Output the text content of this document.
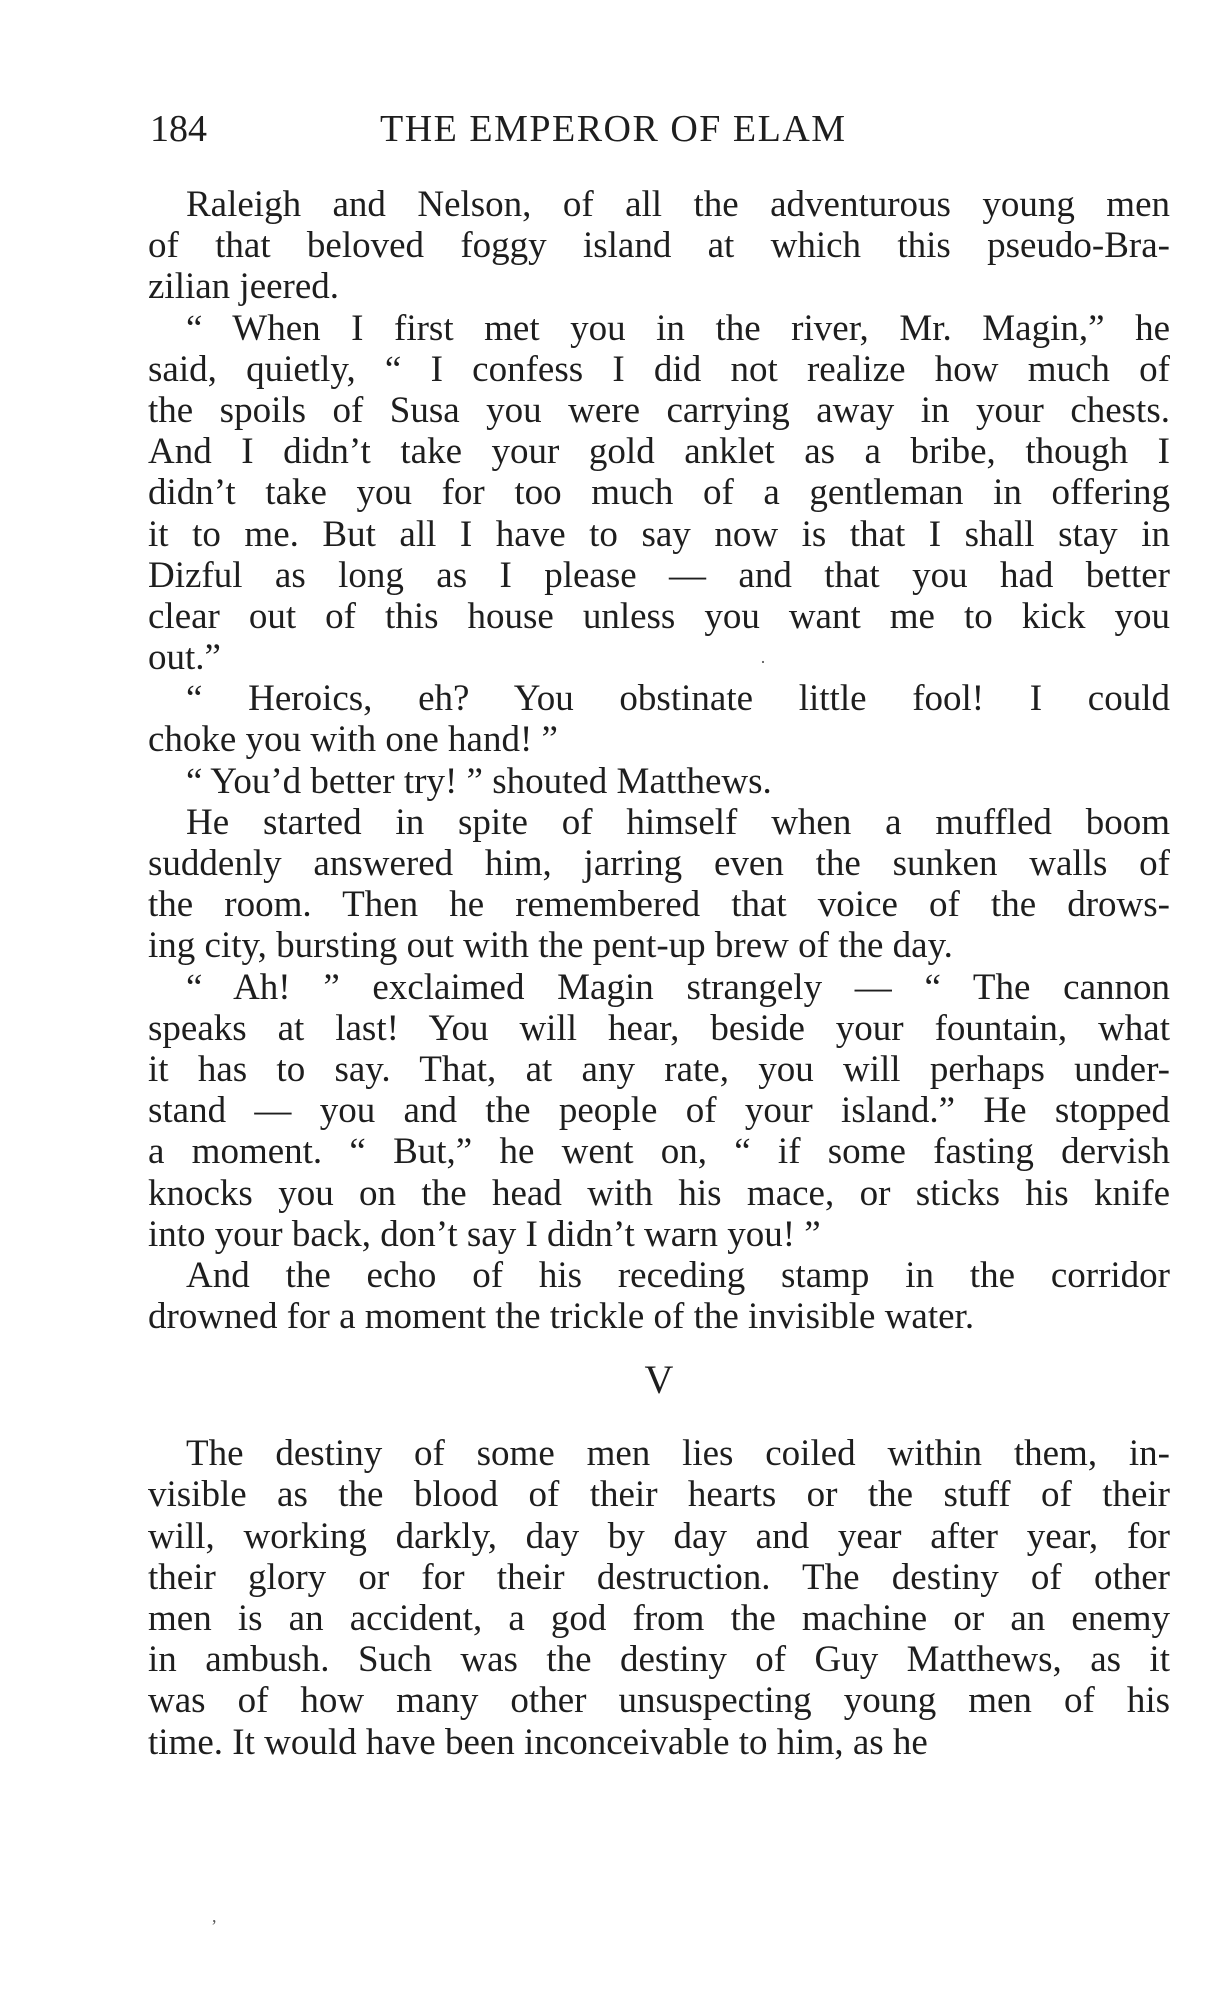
184	THE EMPEROR OF ELAM
Raleigh and Nelson, of all the adventurous young men
of that beloved foggy island at which this pseudo-Bra-
zilian jeered.
“ When I first met you in the river, Mr. Magin,” he
said, quietly, “ I confess I did not realize how much of
the spoils of Susa you were carrying away in your chests.
And I didn’t take your gold anklet as a bribe, though I
didn’t take you for too much of a gentleman in offering
it to me. But all I have to say now is that I shall stay in
Dizful as long as I please — and that you had better
clear out of this house unless you want me to kick you
out.”
“ Heroics, eh? You obstinate little fool! I could
choke you with one hand! ”
“ You’d better try! ” shouted Matthews.
He started in spite of himself when a muffled boom
suddenly answered him, jarring even the sunken walls of
the room. Then he remembered that voice of the drows-
ing city, bursting out with the pent-up brew of the day.
“ Ah! ” exclaimed Magin strangely — “ The cannon
speaks at last! You will hear, beside your fountain, what
it has to say. That, at any rate, you will perhaps under-
stand — you and the people of your island.” He stopped
a moment. “ But,” he went on, “ if some fasting dervish
knocks you on the head with his mace, or sticks his knife
into your back, don’t say I didn’t warn you! ”
And the echo of his receding stamp in the corridor
drowned for a moment the trickle of the invisible water.
V
The destiny of some men lies coiled within them, in-
visible as the blood of their hearts or the stuff of their
will, working darkly, day by day and year after year, for
their glory or for their destruction. The destiny of other
men is an accident, a god from the machine or an enemy
in ambush. Such was the destiny of Guy Matthews, as it
was of how many other unsuspecting young men of his
time. It would have been inconceivable to him, as he
·
,
